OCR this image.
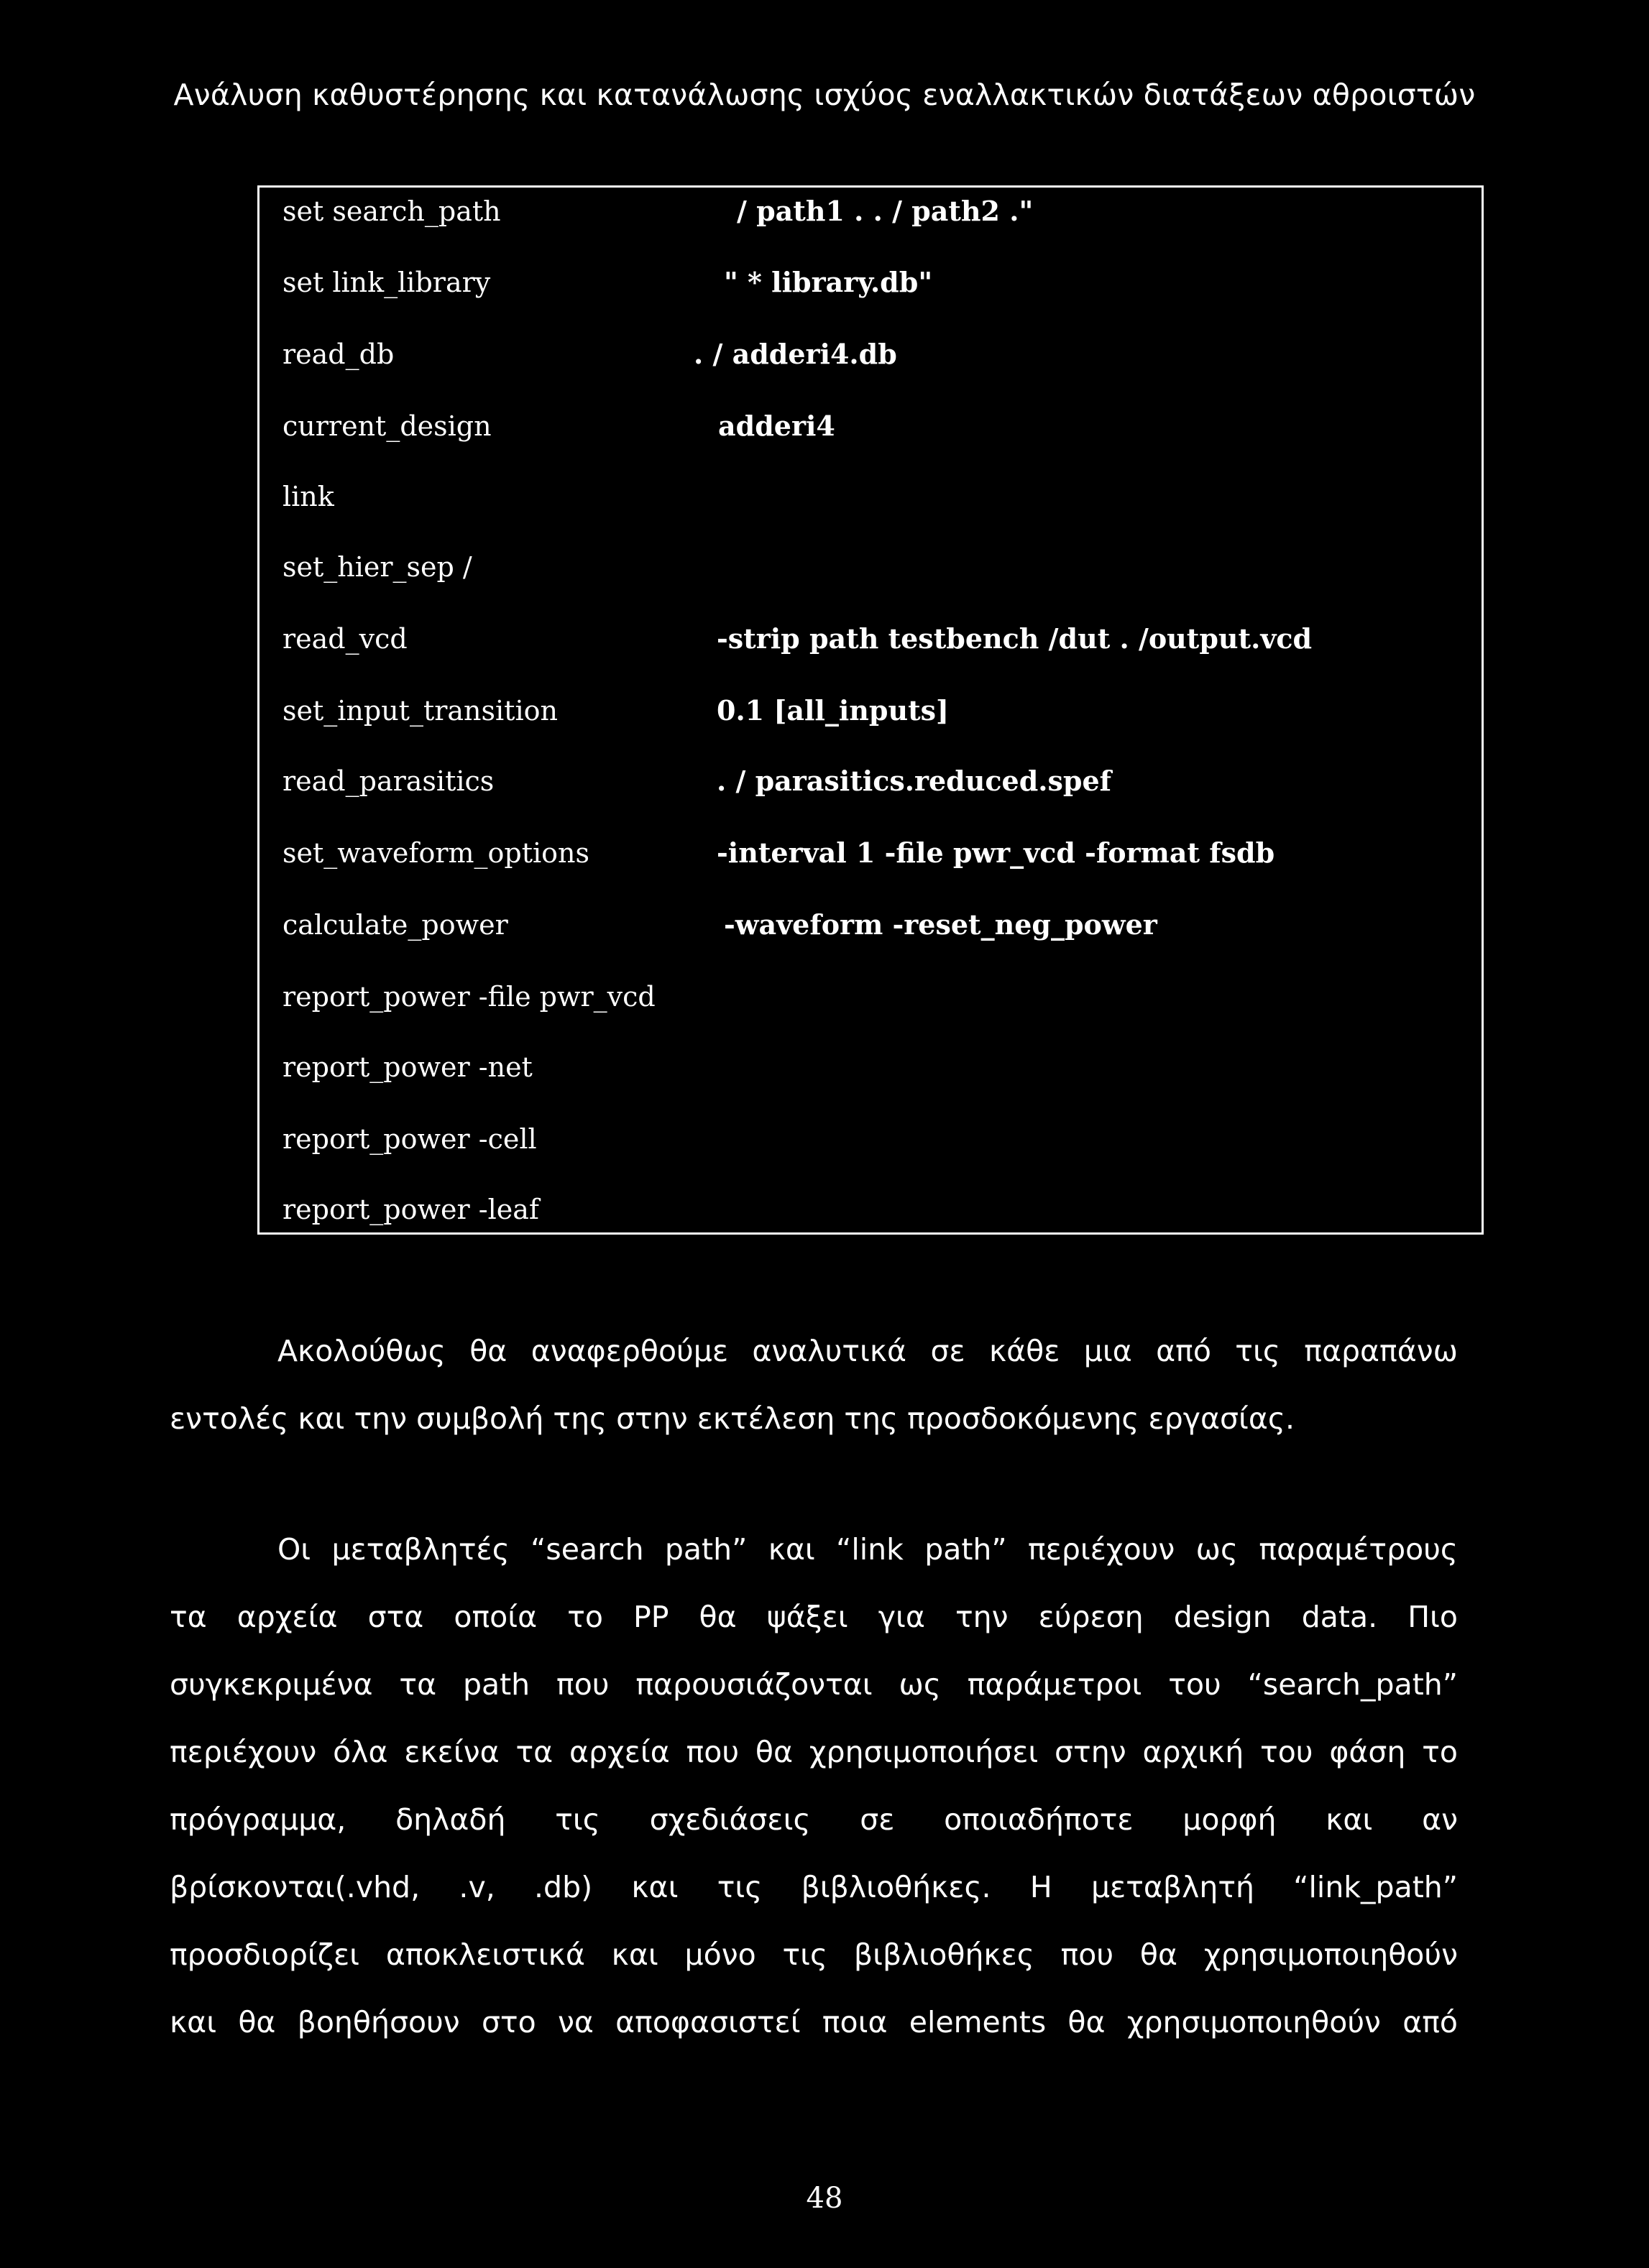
Ανάλυση καθυστέρησης και κατανάλωσης ισχύος εναλλακτικών διατάξεων αθροιστών
set search_path	/ path1 . . / path2 ."
set link_library	" * library.db"
read_db	. / adderi4.db
current_design	adderi4
link
set_hier_sep /
read_vcd	-strip path testbench /dut . /output.vcd
set_input_transition	0.1 [all_inputs]
read_parasitics	. / parasitics.reduced.spef
set_waveform_options	-interval 1 -file pwr_vcd -format fsdb
calculate_power	-waveform -reset_neg_power
report_power -file pwr_vcd
report_power -net
report_power -cell
report_power -leaf
Ακολούθως θα αναφερθούμε αναλυτικά σε κάθε μια από τις παραπάνω
εντολές και την συμβολή της στην εκτέλεση της προσδοκόμενης εργασίας.
Οι μεταβλητές “search path” και “link path” περιέχουν ως παραμέτρους
τα αρχεία στα οποία το PP θα ψάξει για την εύρεση design data. Πιο
συγκεκριμένα τα path που παρουσιάζονται ως παράμετροι του “search_path”
περιέχουν όλα εκείνα τα αρχεία που θα χρησιμοποιήσει στην αρχική του φάση το
πρόγραμμα, δηλαδή τις σχεδιάσεις σε οποιαδήποτε μορφή και αν
βρίσκονται(.vhd, .v, .db) και τις βιβλιοθήκες. Η μεταβλητή “link_path”
προσδιορίζει αποκλειστικά και μόνο τις βιβλιοθήκες που θα χρησιμοποιηθούν
και θα βοηθήσουν στο να αποφασιστεί ποια elements θα χρησιμοποιηθούν από
48
